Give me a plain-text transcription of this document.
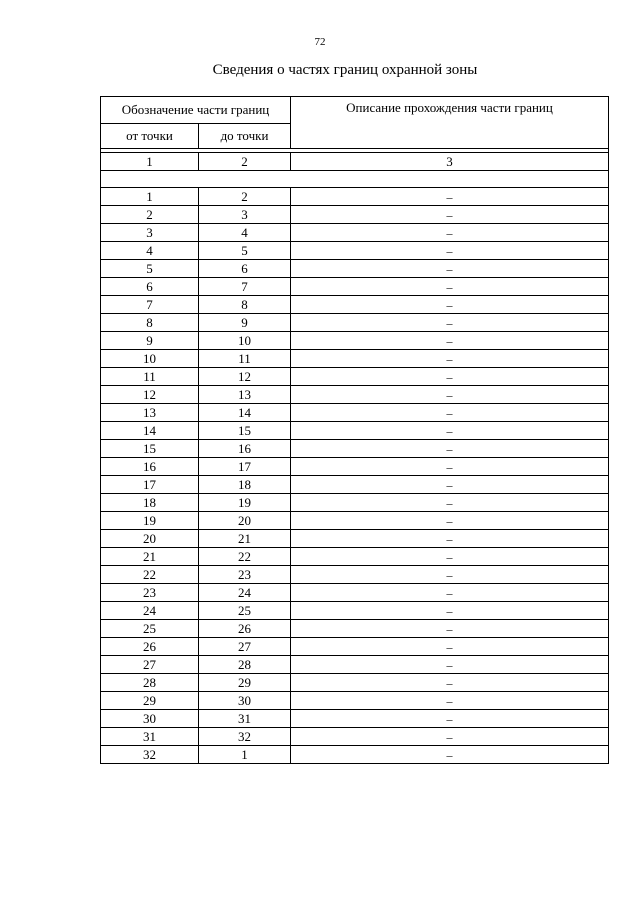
72
Сведения о частях границ охранной зоны
Обозначение части границ		Описание прохождения части границ
от точки	до точки	

1	2	3

1	2	–
2	3	–
3	4	–
4	5	–
5	6	–
6	7	–
7	8	–
8	9	–
9	10	–
10	11	–
11	12	–
12	13	–
13	14	–
14	15	–
15	16	–
16	17	–
17	18	–
18	19	–
19	20	–
20	21	–
21	22	–
22	23	–
23	24	–
24	25	–
25	26	–
26	27	–
27	28	–
28	29	–
29	30	–
30	31	–
31	32	–
32	1	–
